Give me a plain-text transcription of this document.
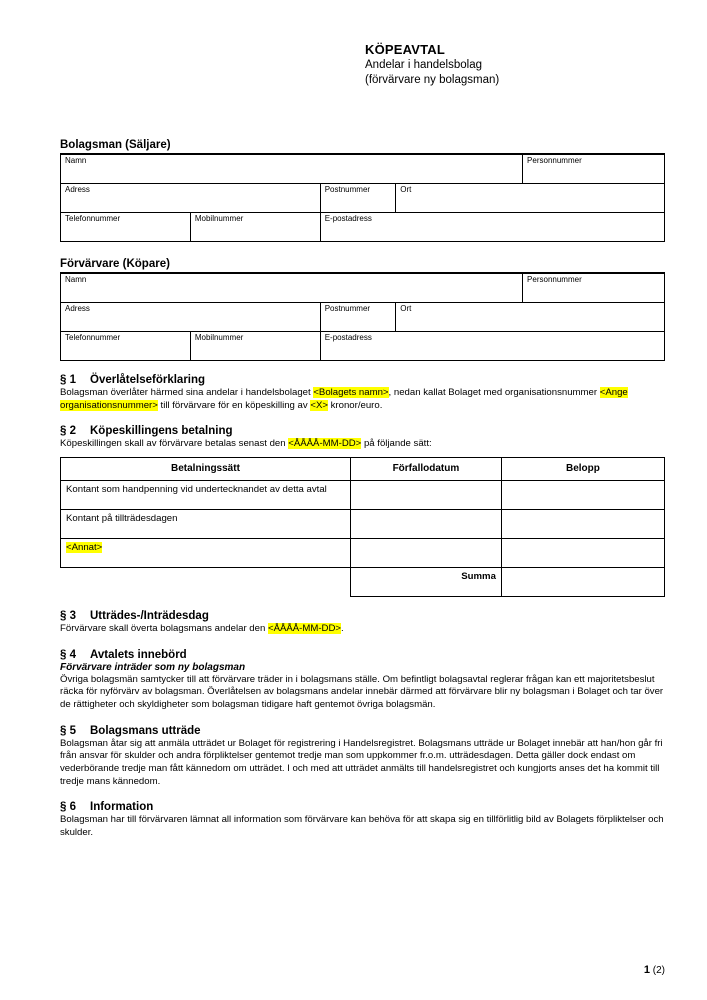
KÖPEAVTAL
Andelar i handelsbolag
(förvärvare ny bolagsman)
Bolagsman (Säljare)
Namn				Personnummer

Adress		Postnummer	Ort	

Telefonnummer	Mobilnummer	E-postadress		
Förvärvare (Köpare)
Namn				Personnummer

Adress		Postnummer	Ort	

Telefonnummer	Mobilnummer	E-postadress		
§ 1 Överlåtelseförklaring
Bolagsman överlåter härmed sina andelar i handelsbolaget <Bolagets namn>, nedan kallat Bolaget med organisationsnummer <Ange organisationsnummer> till förvärvare för en köpeskilling av <X> kronor/euro.
§ 2 Köpeskillingens betalning
Köpeskillingen skall av förvärvare betalas senast den <ÅÅÅÅ-MM-DD> på följande sätt:
Betalningssätt	Förfallodatum	Belopp
Kontant som handpenning vid undertecknandet av detta avtal		
Kontant på tillträdesdagen		
<Annat>		
	Summa	
§ 3 Utträdes-/Inträdesdag
Förvärvare skall överta bolagsmans andelar den <ÅÅÅÅ-MM-DD>.
§ 4 Avtalets innebörd
Förvärvare inträder som ny bolagsman
Övriga bolagsmän samtycker till att förvärvare träder in i bolagsmans ställe. Om befintligt bolagsavtal reglerar frågan kan ett majoritetsbeslut räcka för nyförvärv av bolagsman. Överlåtelsen av bolagsmans andelar innebär därmed att förvärvare blir ny bolagsman i Bolaget och tar över de rättigheter och skyldigheter som bolagsman tidigare haft gentemot övriga bolagsmän.
§ 5 Bolagsmans utträde
Bolagsman åtar sig att anmäla utträdet ur Bolaget för registrering i Handelsregistret. Bolagsmans utträde ur Bolaget innebär att han/hon går fri från ansvar för skulder och andra förpliktelser gentemot tredje man som uppkommer fr.o.m. utträdesdagen. Detta gäller dock endast om vederbörande tredje man fått kännedom om utträdet. I och med att utträdet anmälts till handelsregistret och kungjorts anses det ha kommit till tredje mans kännedom.
§ 6 Information
Bolagsman har till förvärvaren lämnat all information som förvärvare kan behöva för att skapa sig en tillförlitlig bild av Bolagets förpliktelser och skulder.
1 (2)
